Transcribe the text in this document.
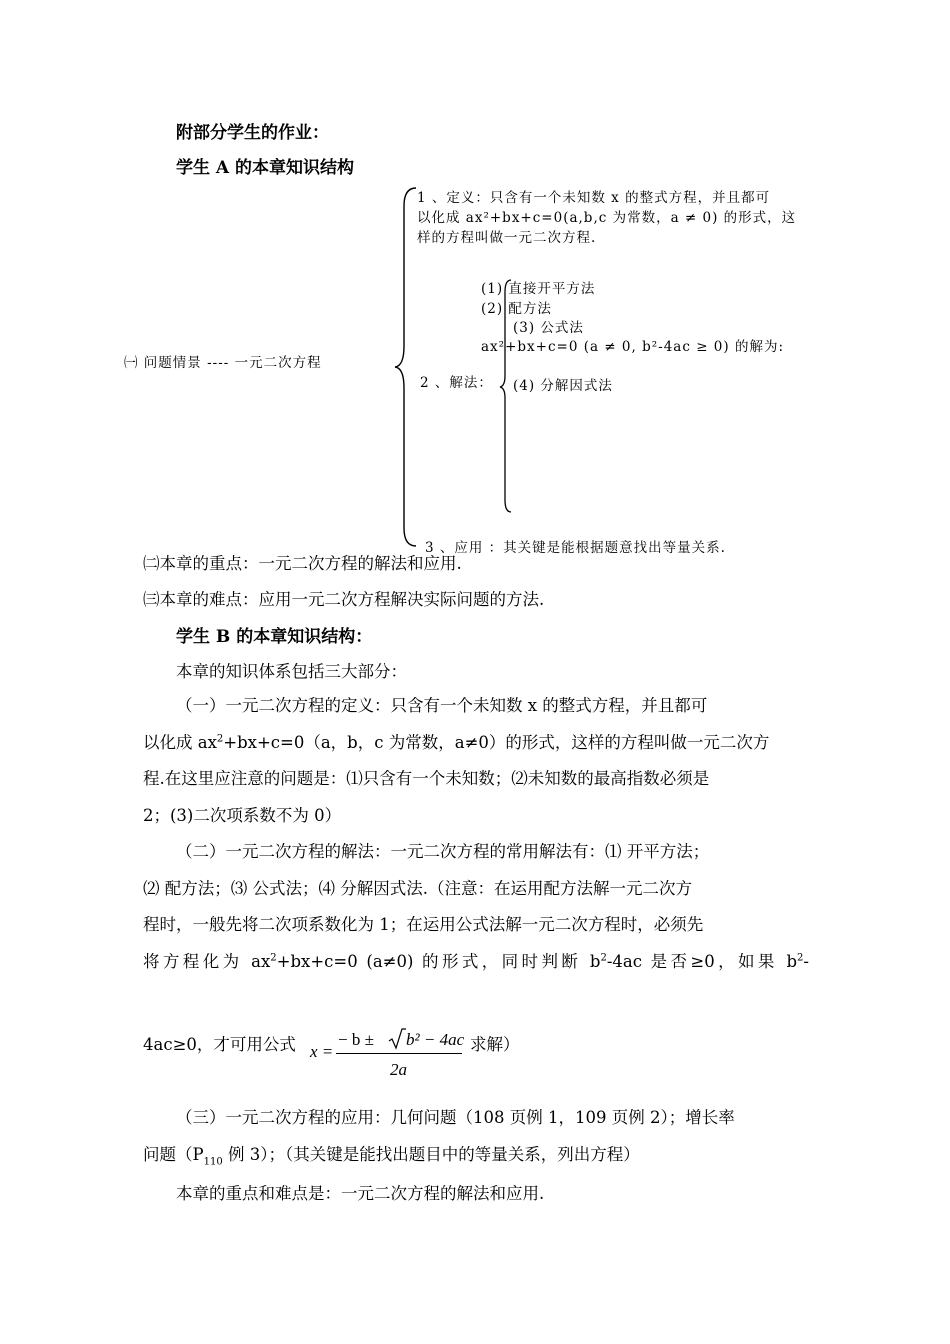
附部分学生的作业：
学生 A 的本章知识结构
㈠ 问题情景 ---- 一元二次方程
1 、定义：只含有一个未知数 x 的整式方程，并且都可
以化成 ax²+bx+c=0(a,b,c 为常数，a ≠ 0) 的形式，这
样的方程叫做一元二次方程.
2 、解法：
(1) 直接开平方法
(2) 配方法
(3) 公式法
ax²+bx+c=0 (a ≠ 0, b²-4ac ≥ 0) 的解为:
(4) 分解因式法
3 、应用 ：其关键是能根据题意找出等量关系.
㈡本章的重点：一元二次方程的解法和应用.
㈢本章的难点：应用一元二次方程解决实际问题的方法.
学生 B 的本章知识结构：
本章的知识体系包括三大部分：
（一）一元二次方程的定义：只含有一个未知数 x 的整式方程，并且都可
以化成 $ax^2+bx+c=0(a$，b，c 为常数，a≠0）的形式，这样的方程叫做一元二次方
程.在这里应注意的问题是：⑴只含有一个未知数；⑵未知数的最高指数必须是
2；(3)二次项系数不为 0）
（二）一元二次方程的解法：一元二次方程的常用解法有：⑴ 开平方法；
⑵ 配方法；⑶ 公式法；⑷ 分解因式法.（注意：在运用配方法解一元二次方
程时，一般先将二次项系数化为 1；在运用公式法解一元二次方程时，必须先
将方程化为 $ax^2+bx+c=0$ (a≠0) 的形式，同时判断 $b^2-4ac$ 是否≥0，如果 $b^2-$
4ac≥0，才可用公式 x =
− b ± b² − 4ac
2a
求解）
（三）一元二次方程的应用：几何问题（108 页例 1，109 页例 2）；增长率
问题（$P_{110}$ 例 3）；（其关键是能找出题目中的等量关系，列出方程）
本章的重点和难点是：一元二次方程的解法和应用.
